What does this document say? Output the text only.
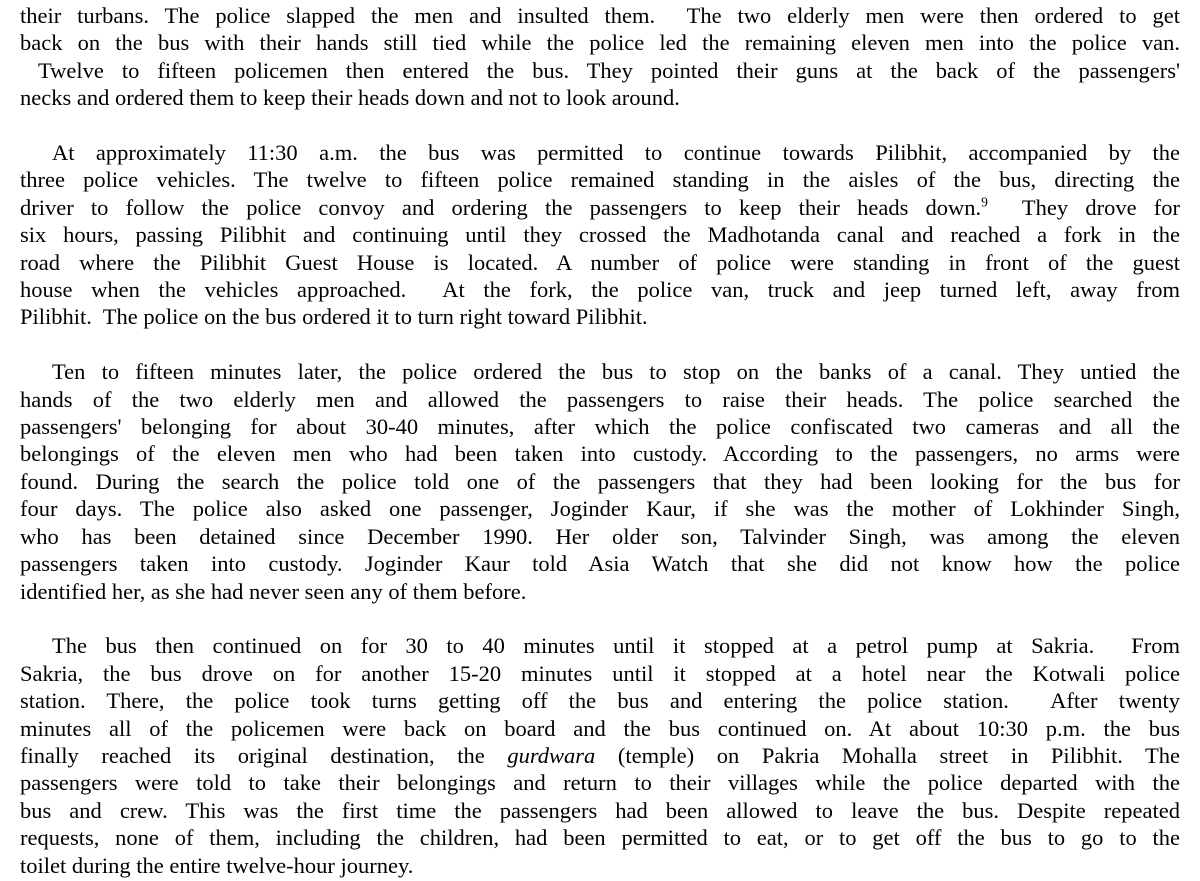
their turbans. The police slapped the men and insulted them.  The two elderly men were then ordered to get
back on the bus with their hands still tied while the police led the remaining eleven men into the police van.
Twelve to fifteen policemen then entered the bus. They pointed their guns at the back of the passengers'
necks and ordered them to keep their heads down and not to look around.
At approximately 11:30 a.m. the bus was permitted to continue towards Pilibhit, accompanied by the
three police vehicles. The twelve to fifteen police remained standing in the aisles of the bus, directing the
driver to follow the police convoy and ordering the passengers to keep their heads down.$^9$  They drove for
six hours, passing Pilibhit and continuing until they crossed the Madhotanda canal and reached a fork in the
road where the Pilibhit Guest House is located. A number of police were standing in front of the guest
house when the vehicles approached.  At the fork, the police van, truck and jeep turned left, away from
Pilibhit.  The police on the bus ordered it to turn right toward Pilibhit.
Ten to fifteen minutes later, the police ordered the bus to stop on the banks of a canal. They untied the
hands of the two elderly men and allowed the passengers to raise their heads. The police searched the
passengers' belonging for about 30-40 minutes, after which the police confiscated two cameras and all the
belongings of the eleven men who had been taken into custody. According to the passengers, no arms were
found. During the search the police told one of the passengers that they had been looking for the bus for
four days. The police also asked one passenger, Joginder Kaur, if she was the mother of Lokhinder Singh,
who has been detained since December 1990. Her older son, Talvinder Singh, was among the eleven
passengers taken into custody. Joginder Kaur told Asia Watch that she did not know how the police
identified her, as she had never seen any of them before.
The bus then continued on for 30 to 40 minutes until it stopped at a petrol pump at Sakria.  From
Sakria, the bus drove on for another 15-20 minutes until it stopped at a hotel near the Kotwali police
station. There, the police took turns getting off the bus and entering the police station.  After twenty
minutes all of the policemen were back on board and the bus continued on. At about 10:30 p.m. the bus
finally reached its original destination, the gurdwara (temple) on Pakria Mohalla street in Pilibhit. The
passengers were told to take their belongings and return to their villages while the police departed with the
bus and crew. This was the first time the passengers had been allowed to leave the bus. Despite repeated
requests, none of them, including the children, had been permitted to eat, or to get off the bus to go to the
toilet during the entire twelve-hour journey.
